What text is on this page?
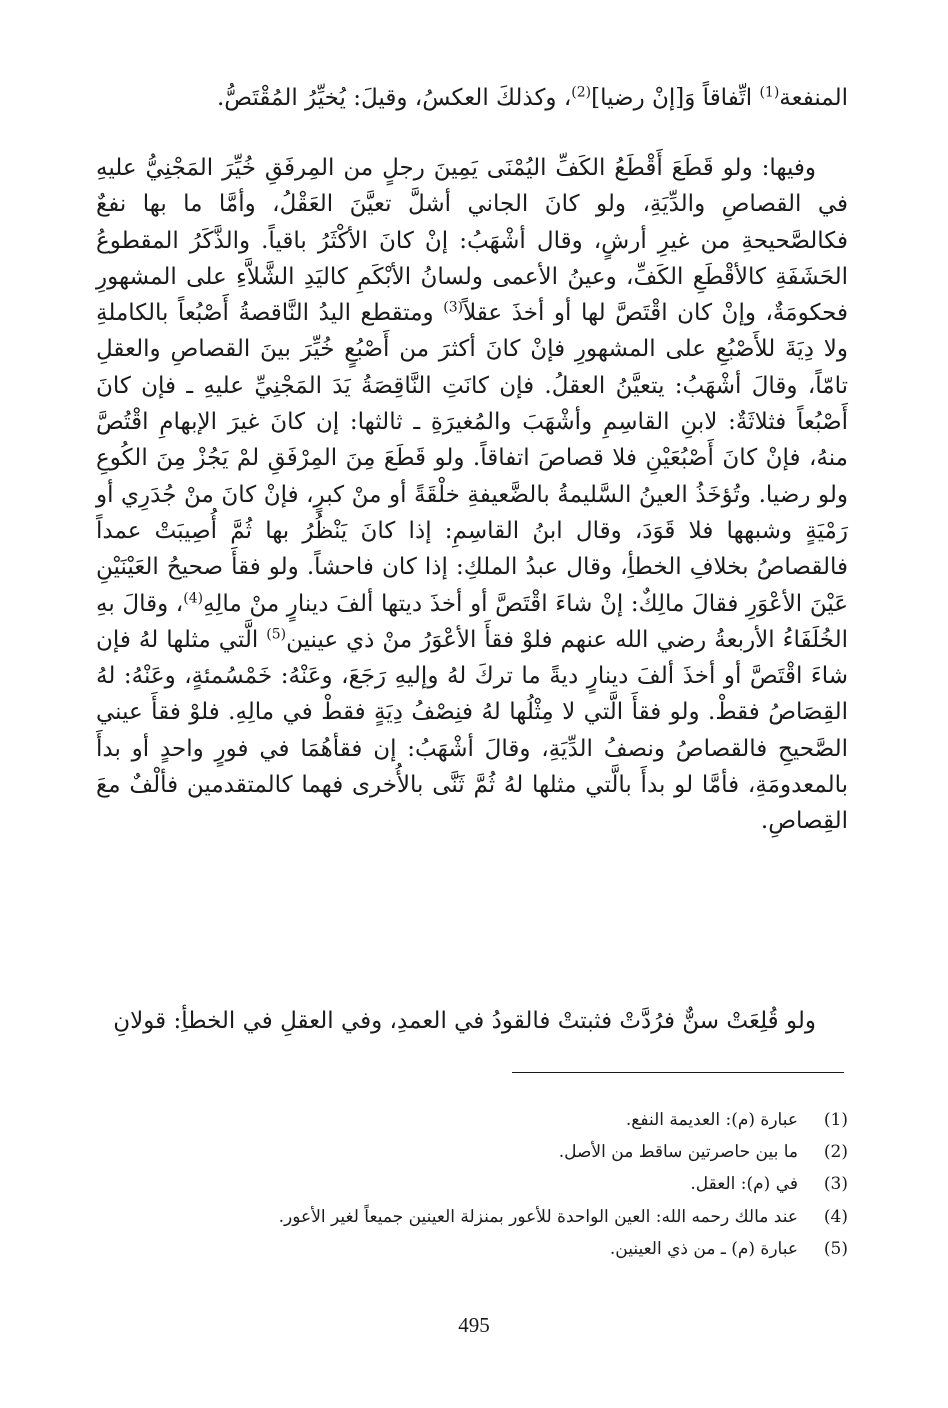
المنفعة$^{(1)}$ اتِّفاقاً وَ[إنْ رضيا]$^{(2)}$، وكذلكَ العكسُ، وقيلَ: يُخيِّرُ المُقْتَصُّ.

وفيها: ولو قَطَعَ أَقْطَعُ الكَفِّ اليُمْنَى يَمِينَ رجلٍ من المِرفَقِ خُيِّرَ المَجْنِيُّ عليهِ في القصاصِ والدِّيَةِ، ولو كانَ الجاني أشلَّ تعيَّنَ العَقْلُ، وأمَّا ما بها نفعٌ فكالصَّحيحةِ من غيرِ أرشٍ، وقال أشْهَبُ: إنْ كانَ الأكْثَرُ باقياً. والذَّكَرُ المقطوعُ الحَشَفَةِ كالأقْطَعِ الكَفِّ، وعينُ الأعمى ولسانُ الأبْكَمِ كاليَدِ الشَّلاَّءِ على المشهورِ فحكومَةٌ، وإنْ كان اقْتَصَّ لها أو أخذَ عقلاً$^{(3)}$ ومتقطع اليدُ النَّاقصةُ أَصْبُعاً بالكاملةِ ولا دِيَةَ للأَصْبُعِ على المشهورِ فإنْ كانَ أكثرَ من أَصْبُعٍ خُيِّرَ بينَ القصاصِ والعقلِ تامّاً، وقالَ أشْهَبُ: يتعيَّنُ العقلُ. فإن كانَتِ النَّاقِصَةُ يَدَ المَجْنِيِّ عليهِ ـ فإن كانَ أَصْبُعاً فثلاثَةٌ: لابنِ القاسِمِ وأشْهَبَ والمُغيرَةِ ـ ثالثها: إن كانَ غيرَ الإبهامِ اقْتُصَّ منهُ، فإنْ كانَ أَصْبُعَيْنِ فلا قصاصَ اتفاقاً. ولو قَطَعَ مِنَ المِرْفَقِ لمْ يَجُزْ مِنَ الكُوعِ ولو رضيا. وتُؤخَذُ العينُ السَّليمةُ بالضَّعيفةِ خلْقَةً أو منْ كبرٍ، فإنْ كانَ منْ جُدَرِي أو رَمْيَةٍ وشبهها فلا قَوَدَ، وقال ابنُ القاسِمِ: إذا كانَ يَنْظُرُ بها ثُمَّ أُصِيبَتْ عمداً فالقصاصُ بخلافِ الخطأِ، وقال عبدُ الملكِ: إذا كان فاحشاً. ولو فقأَ صحيحُ العَيْنَيْنِ عَيْنَ الأعْوَرِ فقالَ مالِكٌ: إنْ شاءَ اقْتَصَّ أو أخذَ ديتها ألفَ دينارٍ منْ مالِهِ$^{(4)}$، وقالَ بهِ الخُلَفَاءُ الأربعةُ رضي الله عنهم فلوْ فقأَ الأعْوَرُ منْ ذي عينين$^{(5)}$ الَّتي مثلها لهُ فإن شاءَ اقْتَصَّ أو أخذَ ألفَ دينارٍ ديةً ما تركَ لهُ وإليهِ رَجَعَ، وعَنْهُ: خَمْسُمئةٍ، وعَنْهُ: لهُ القِصَاصُ فقطْ. ولو فقأَ الَّتي لا مِثْلُها لهُ فنِصْفُ دِيَةٍ فقطْ في مالِهِ. فلوْ فقأَ عيني الصَّحيحِ فالقصاصُ ونصفُ الدِّيَةِ، وقالَ أشْهَبُ: إن فقأهُمَا في فورٍ واحدٍ أو بدأَ بالمعدومَةِ، فأمَّا لو بدأَ بالَّتي مثلها لهُ ثُمَّ ثَنَّى بالأُخرى فهما كالمتقدمين فألْفٌ معَ القِصاصِ.

ولو قُلِعَتْ سنٌّ فرُدَّتْ فثبتتْ فالقودُ في العمدِ، وفي العقلِ في الخطأِ: قولانِ

(1)
عبارة (م): العديمة النفع.
(2)
ما بين حاصرتين ساقط من الأصل.
(3)
في (م): العقل.
(4)
عند مالك رحمه الله: العين الواحدة للأعور بمنزلة العينين جميعاً لغير الأعور.
(5)
عبارة (م) ـ من ذي العينين.
495
